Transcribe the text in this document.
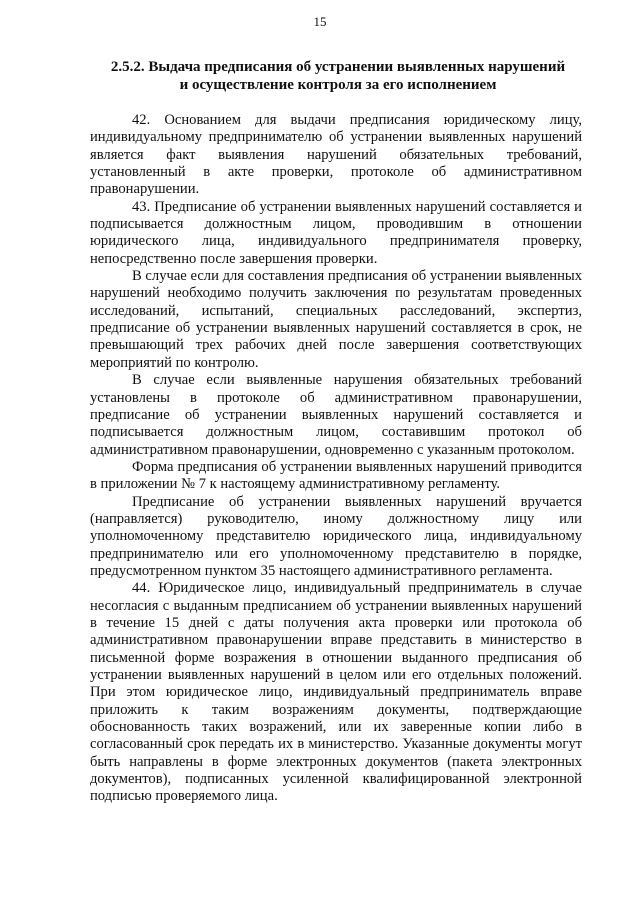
15
2.5.2. Выдача предписания об устранении выявленных нарушений
и осуществление контроля за его исполнением

42. Основанием для выдачи предписания юридическому лицу, индивидуальному предпринимателю об устранении выявленных нарушений является факт выявления нарушений обязательных требований, установленный в акте проверки, протоколе об административном правонарушении.

43. Предписание об устранении выявленных нарушений составляется и подписывается должностным лицом, проводившим в отношении юридического лица, индивидуального предпринимателя проверку, непосредственно после завершения проверки.

В случае если для составления предписания об устранении выявленных нарушений необходимо получить заключения по результатам проведенных исследований, испытаний, специальных расследований, экспертиз, предписание об устранении выявленных нарушений составляется в срок, не превышающий трех рабочих дней после завершения соответствующих мероприятий по контролю.

В случае если выявленные нарушения обязательных требований установлены в протоколе об административном правонарушении, предписание об устранении выявленных нарушений составляется и подписывается должностным лицом, составившим протокол об административном правонарушении, одновременно с указанным протоколом.

Форма предписания об устранении выявленных нарушений приводится в приложении № 7 к настоящему административному регламенту.

Предписание об устранении выявленных нарушений вручается (направляется) руководителю, иному должностному лицу или уполномоченному представителю юридического лица, индивидуальному предпринимателю или его уполномоченному представителю в порядке, предусмотренном пунктом 35 настоящего административного регламента.

44. Юридическое лицо, индивидуальный предприниматель в случае несогласия с выданным предписанием об устранении выявленных нарушений в течение 15 дней с даты получения акта проверки или протокола об административном правонарушении вправе представить в министерство в письменной форме возражения в отношении выданного предписания об устранении выявленных нарушений в целом или его отдельных положений. При этом юридическое лицо, индивидуальный предприниматель вправе приложить к таким возражениям документы, подтверждающие обоснованность таких возражений, или их заверенные копии либо в согласованный срок передать их в министерство. Указанные документы могут быть направлены в форме электронных документов (пакета электронных документов), подписанных усиленной квалифицированной электронной подписью проверяемого лица.
